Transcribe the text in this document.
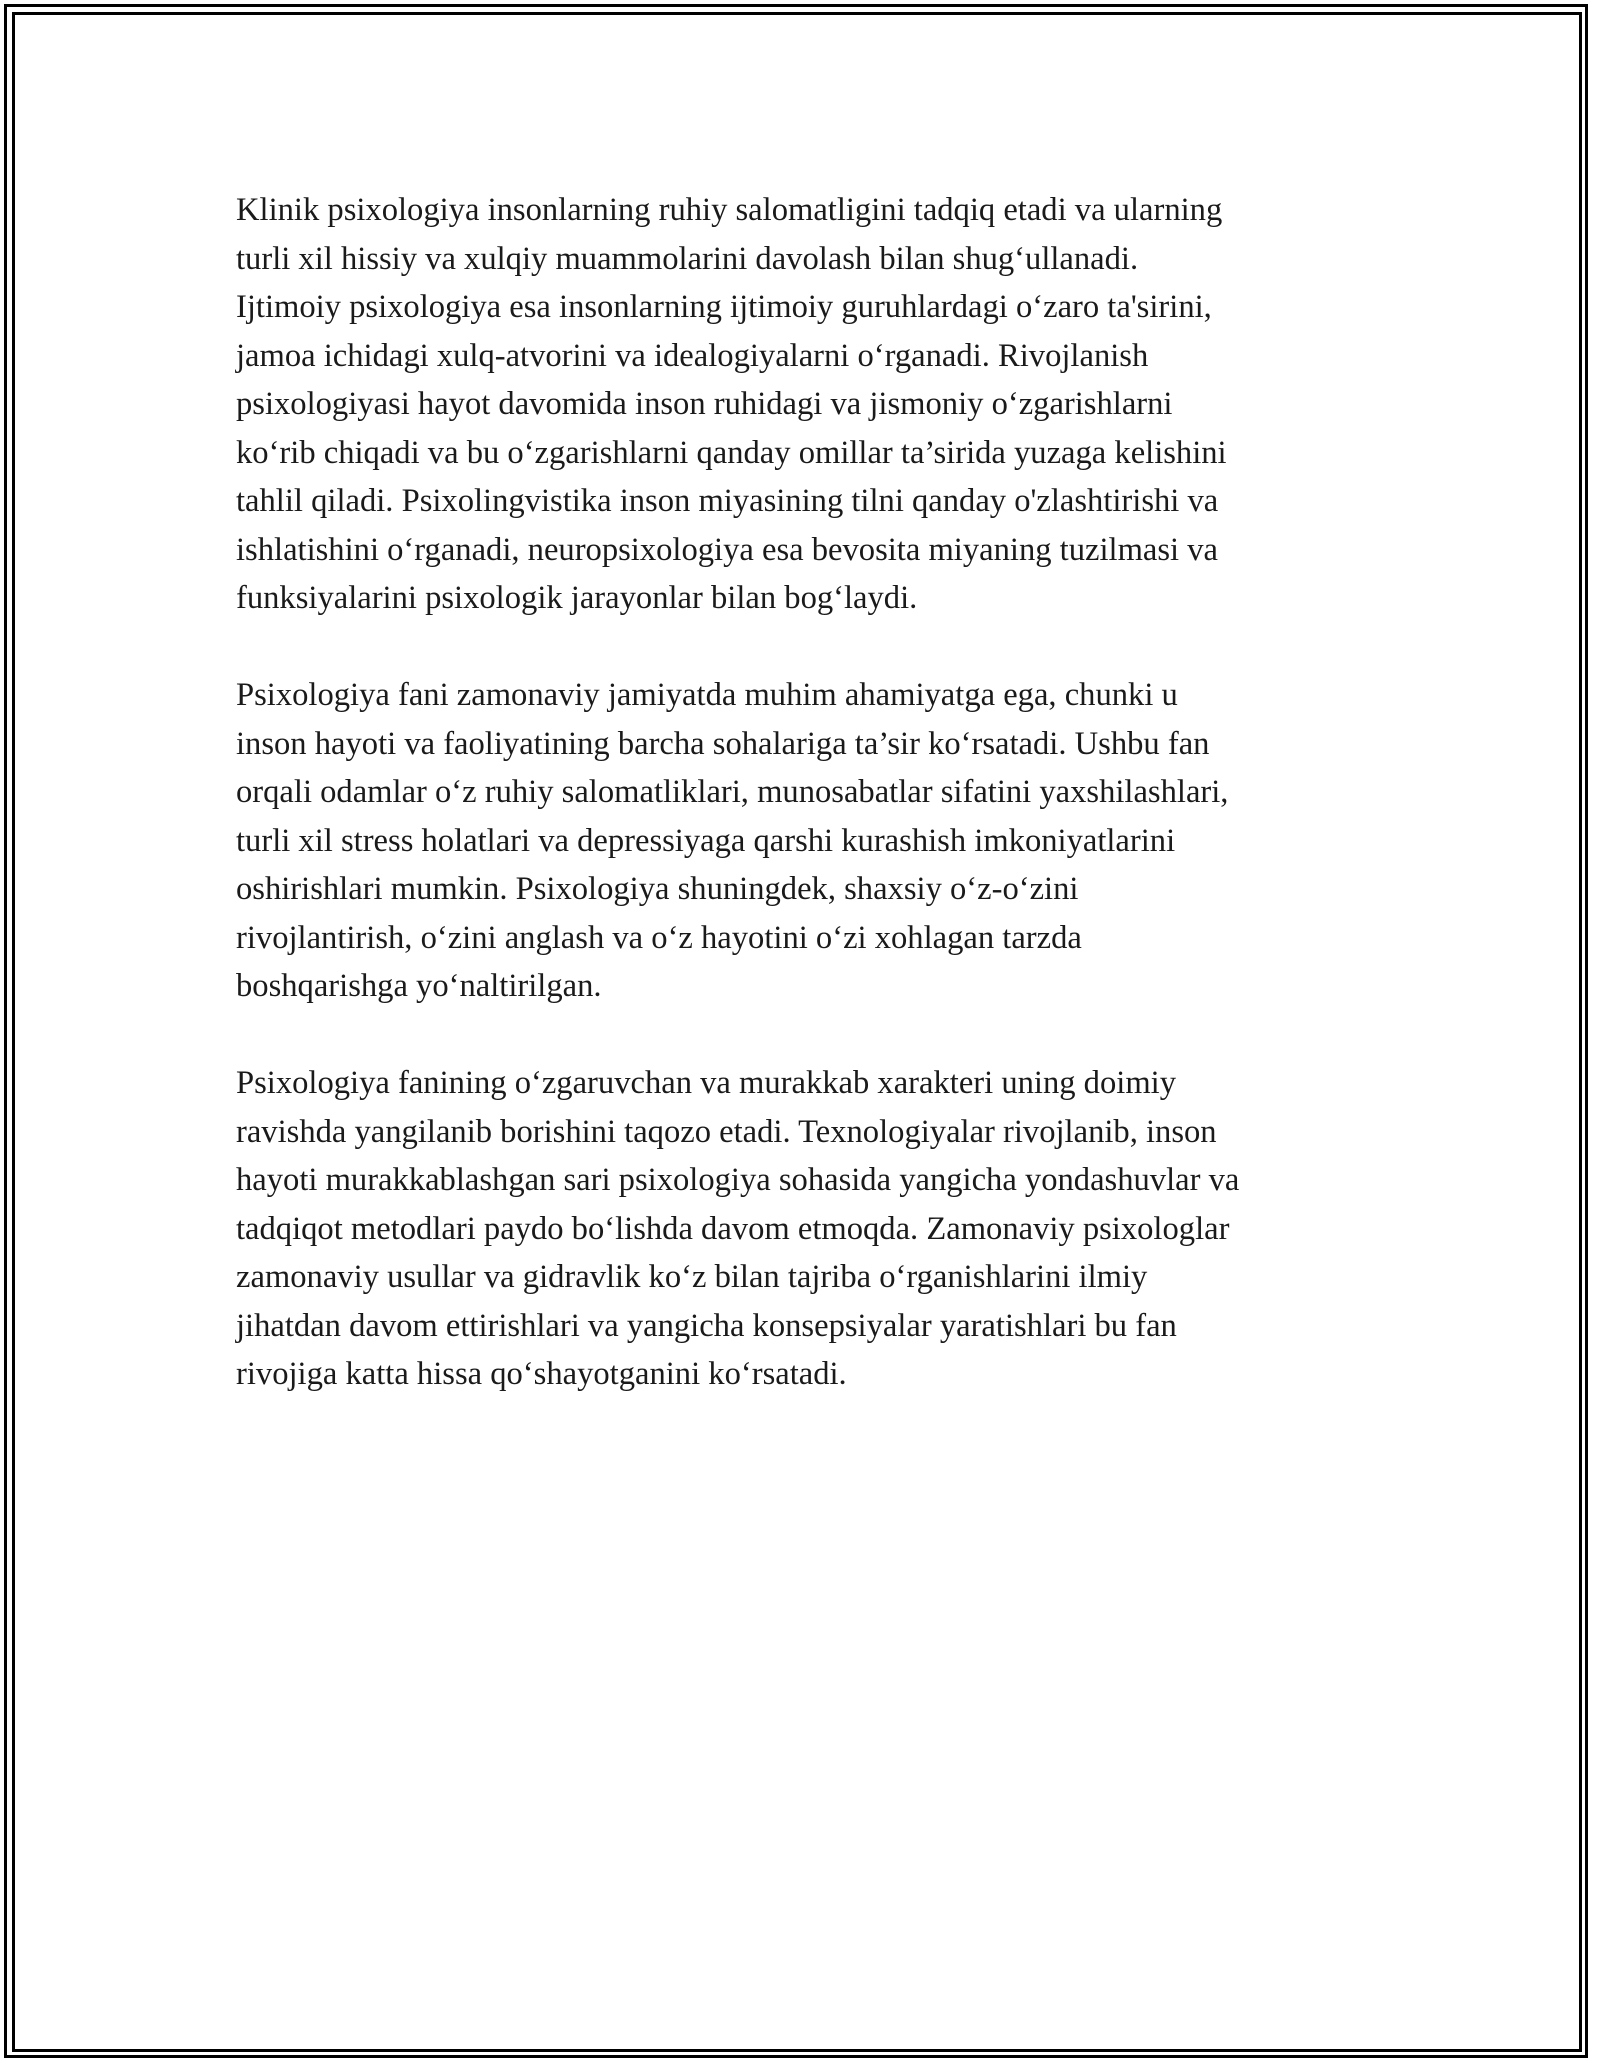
Klinik psixologiya insonlarning ruhiy salomatligini tadqiq etadi va ularning
turli xil hissiy va xulqiy muammolarini davolash bilan shug‘ullanadi.
Ijtimoiy psixologiya esa insonlarning ijtimoiy guruhlardagi o‘zaro ta'sirini,
jamoa ichidagi xulq-atvorini va idealogiyalarni o‘rganadi. Rivojlanish
psixologiyasi hayot davomida inson ruhidagi va jismoniy o‘zgarishlarni
ko‘rib chiqadi va bu o‘zgarishlarni qanday omillar ta’sirida yuzaga kelishini
tahlil qiladi. Psixolingvistika inson miyasining tilni qanday o'zlashtirishi va
ishlatishini o‘rganadi, neuropsixologiya esa bevosita miyaning tuzilmasi va
funksiyalarini psixologik jarayonlar bilan bog‘laydi.

Psixologiya fani zamonaviy jamiyatda muhim ahamiyatga ega, chunki u
inson hayoti va faoliyatining barcha sohalariga ta’sir ko‘rsatadi. Ushbu fan
orqali odamlar o‘z ruhiy salomatliklari, munosabatlar sifatini yaxshilashlari,
turli xil stress holatlari va depressiyaga qarshi kurashish imkoniyatlarini
oshirishlari mumkin. Psixologiya shuningdek, shaxsiy o‘z-o‘zini
rivojlantirish, o‘zini anglash va o‘z hayotini o‘zi xohlagan tarzda
boshqarishga yo‘naltirilgan.

Psixologiya fanining o‘zgaruvchan va murakkab xarakteri uning doimiy
ravishda yangilanib borishini taqozo etadi. Texnologiyalar rivojlanib, inson
hayoti murakkablashgan sari psixologiya sohasida yangicha yondashuvlar va
tadqiqot metodlari paydo bo‘lishda davom etmoqda. Zamonaviy psixologlar
zamonaviy usullar va gidravlik ko‘z bilan tajriba o‘rganishlarini ilmiy
jihatdan davom ettirishlari va yangicha konsepsiyalar yaratishlari bu fan
rivojiga katta hissa qo‘shayotganini ko‘rsatadi.
